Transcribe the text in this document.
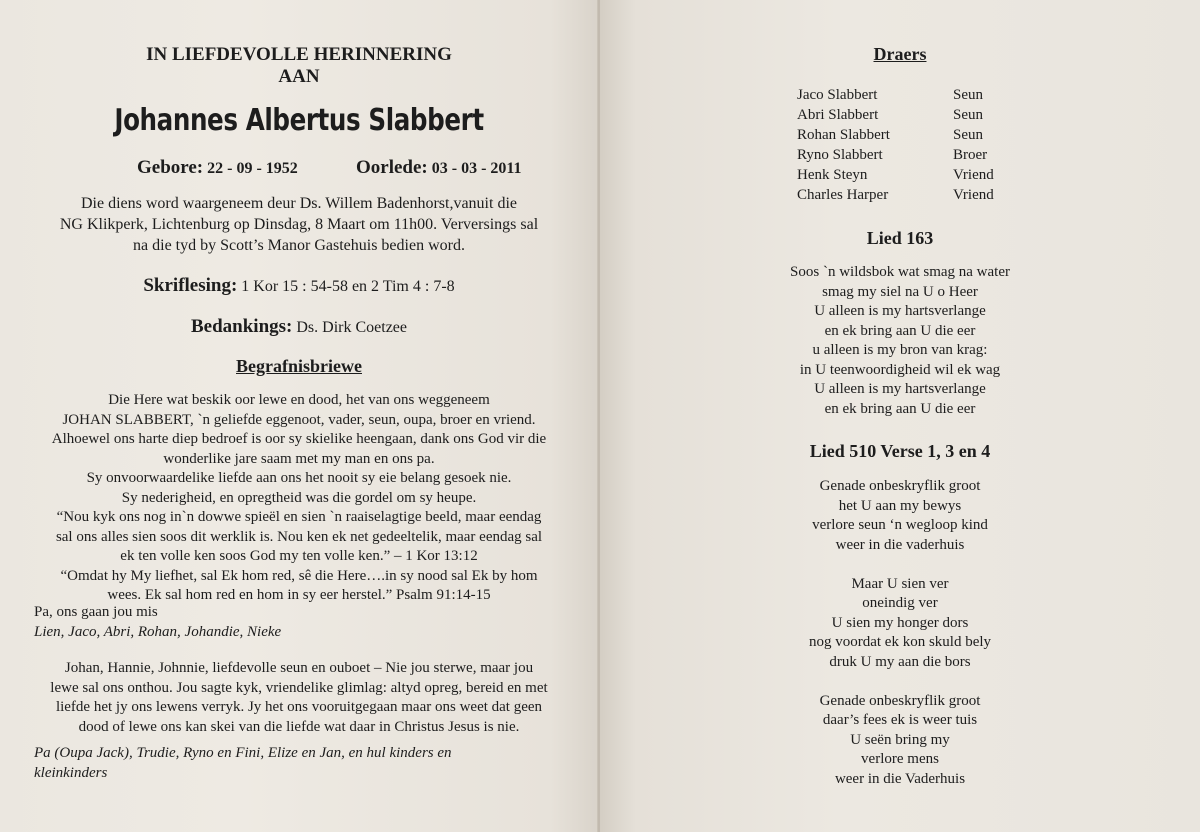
IN LIEFDEVOLLE HERINNERING
AAN
Johannes Albertus Slabbert
Gebore: 22 - 09 - 1952	Oorlede: 03 - 03 - 2011
Die diens word waargeneem deur Ds. Willem Badenhorst,vanuit die
NG Klikperk, Lichtenburg op Dinsdag, 8 Maart om 11h00. Verversings sal
na die tyd by Scott’s Manor Gastehuis bedien word.
Skriflesing: 1 Kor 15 : 54-58 en 2 Tim 4 : 7-8
Bedankings: Ds. Dirk Coetzee
Begrafnisbriewe
Die Here wat beskik oor lewe en dood, het van ons weggeneem
JOHAN SLABBERT, `n geliefde eggenoot, vader, seun, oupa, broer en vriend.
Alhoewel ons harte diep bedroef is oor sy skielike heengaan, dank ons God vir die
wonderlike jare saam met my man en ons pa.
Sy onvoorwaardelike liefde aan ons het nooit sy eie belang gesoek nie.
Sy nederigheid, en opregtheid was die gordel om sy heupe.
“Nou kyk ons nog in`n dowwe spieël en sien `n raaiselagtige beeld, maar eendag
sal ons alles sien soos dit werklik is. Nou ken ek net gedeeltelik, maar eendag sal
ek ten volle ken soos God my ten volle ken.” – 1 Kor 13:12
“Omdat hy My liefhet, sal Ek hom red, sê die Here….in sy nood sal Ek by hom
wees. Ek sal hom red en hom in sy eer herstel.” Psalm 91:14-15
Pa, ons gaan jou mis
Lien, Jaco, Abri, Rohan, Johandie, Nieke
Johan, Hannie, Johnnie, liefdevolle seun en ouboet – Nie jou sterwe, maar jou
lewe sal ons onthou. Jou sagte kyk, vriendelike glimlag: altyd opreg, bereid en met
liefde het jy ons lewens verryk. Jy het ons vooruitgegaan maar ons weet dat geen
dood of lewe ons kan skei van die liefde wat daar in Christus Jesus is nie.
Pa (Oupa Jack), Trudie, Ryno en Fini, Elize en Jan, en hul kinders en
kleinkinders
Draers
Jaco Slabbert	Seun
Abri Slabbert	Seun
Rohan Slabbert	Seun
Ryno Slabbert	Broer
Henk Steyn	Vriend
Charles Harper	Vriend
Lied 163
Soos `n wildsbok wat smag na water
smag my siel na U o Heer
U alleen is my hartsverlange
en ek bring aan U die eer
u alleen is my bron van krag:
in U teenwoordigheid wil ek wag
U alleen is my hartsverlange
en ek bring aan U die eer
Lied 510 Verse 1, 3 en 4
Genade onbeskryflik groot
het U aan my bewys
verlore seun ‘n wegloop kind
weer in die vaderhuis
Maar U sien ver
oneindig ver
U sien my honger dors
nog voordat ek kon skuld bely
druk U my aan die bors
Genade onbeskryflik groot
daar’s fees ek is weer tuis
U seën bring my
verlore mens
weer in die Vaderhuis
